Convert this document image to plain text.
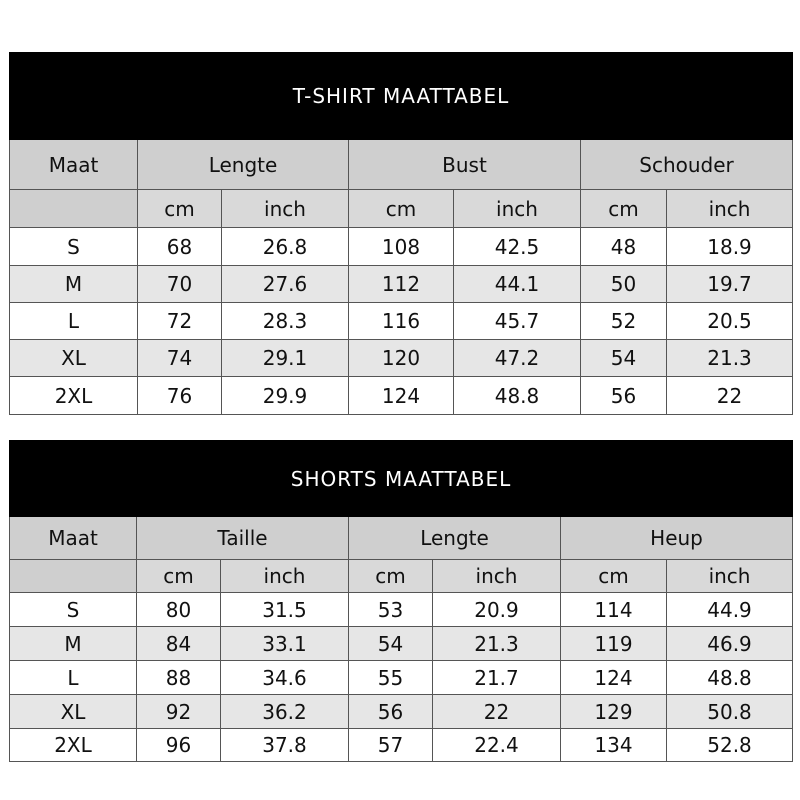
T-SHIRT MAATTABEL						
Maat	Lengte		Bust		Schouder	
	cm	inch	cm	inch	cm	inch
S	68	26.8	108	42.5	48	18.9
M	70	27.6	112	44.1	50	19.7
L	72	28.3	116	45.7	52	20.5
XL	74	29.1	120	47.2	54	21.3
2XL	76	29.9	124	48.8	56	22
SHORTS MAATTABEL						
Maat	Taille		Lengte		Heup	
	cm	inch	cm	inch	cm	inch
S	80	31.5	53	20.9	114	44.9
M	84	33.1	54	21.3	119	46.9
L	88	34.6	55	21.7	124	48.8
XL	92	36.2	56	22	129	50.8
2XL	96	37.8	57	22.4	134	52.8
